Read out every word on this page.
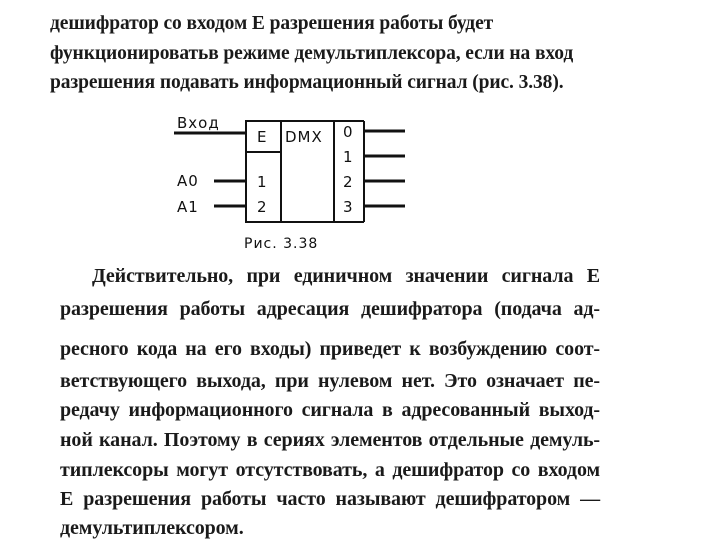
дешифратор со входом E разрешения работы будет
функционироватьв режиме демультиплексора, если на вход
разрешения подавать информационный сигнал (рис. 3.38).
Вход
A0
A1
E
1
2
DMX 0
1
2
3
Рис. 3.38
Действительно, при единичном значении сигнала E
разрешения работы адресация дешифратора (подача ад-
ресного кода на его входы) приведет к возбуждению соот-
ветствующего выхода, при нулевом нет. Это означает пе-
редачу информационного сигнала в адресованный выход-
ной канал. Поэтому в сериях элементов отдельные демуль-
типлексоры могут отсутствовать, а дешифратор со входом
E разрешения работы часто называют дешифратором —
демультиплексором.
